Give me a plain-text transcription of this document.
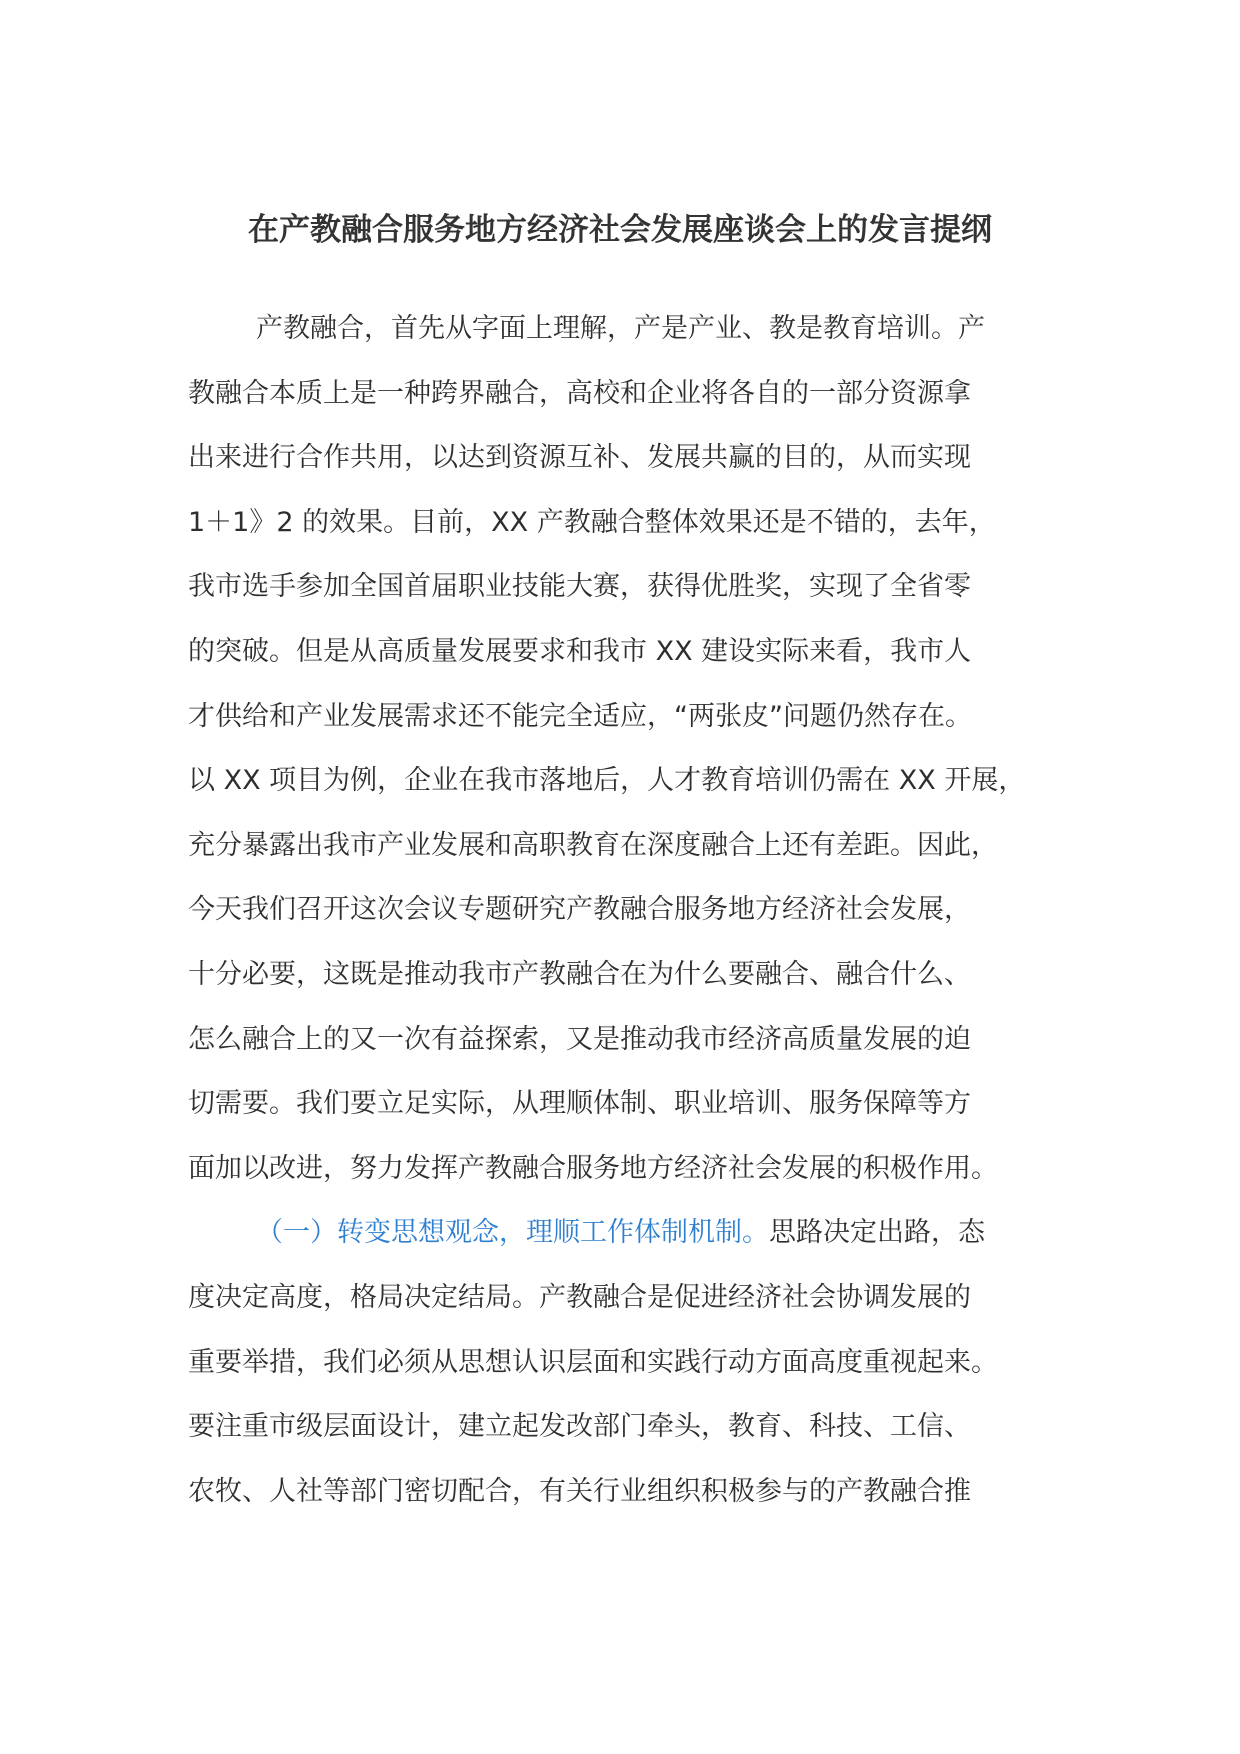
在产教融合服务地方经济社会发展座谈会上的发言提纲
产教融合，首先从字面上理解，产是产业、教是教育培训。产
教融合本质上是一种跨界融合，高校和企业将各自的一部分资源拿
出来进行合作共用，以达到资源互补、发展共赢的目的，从而实现
1＋1》2 的效果。目前，XX 产教融合整体效果还是不错的，去年，
我市选手参加全国首届职业技能大赛，获得优胜奖，实现了全省零
的突破。但是从高质量发展要求和我市 XX 建设实际来看，我市人
才供给和产业发展需求还不能完全适应，“两张皮”问题仍然存在。
以 XX 项目为例，企业在我市落地后，人才教育培训仍需在 XX 开展，
充分暴露出我市产业发展和高职教育在深度融合上还有差距。因此，
今天我们召开这次会议专题研究产教融合服务地方经济社会发展，
十分必要，这既是推动我市产教融合在为什么要融合、融合什么、
怎么融合上的又一次有益探索，又是推动我市经济高质量发展的迫
切需要。我们要立足实际，从理顺体制、职业培训、服务保障等方
面加以改进，努力发挥产教融合服务地方经济社会发展的积极作用。
（一）转变思想观念，理顺工作体制机制。思路决定出路，态
度决定高度，格局决定结局。产教融合是促进经济社会协调发展的
重要举措，我们必须从思想认识层面和实践行动方面高度重视起来。
要注重市级层面设计，建立起发改部门牵头，教育、科技、工信、
农牧、人社等部门密切配合，有关行业组织积极参与的产教融合推
